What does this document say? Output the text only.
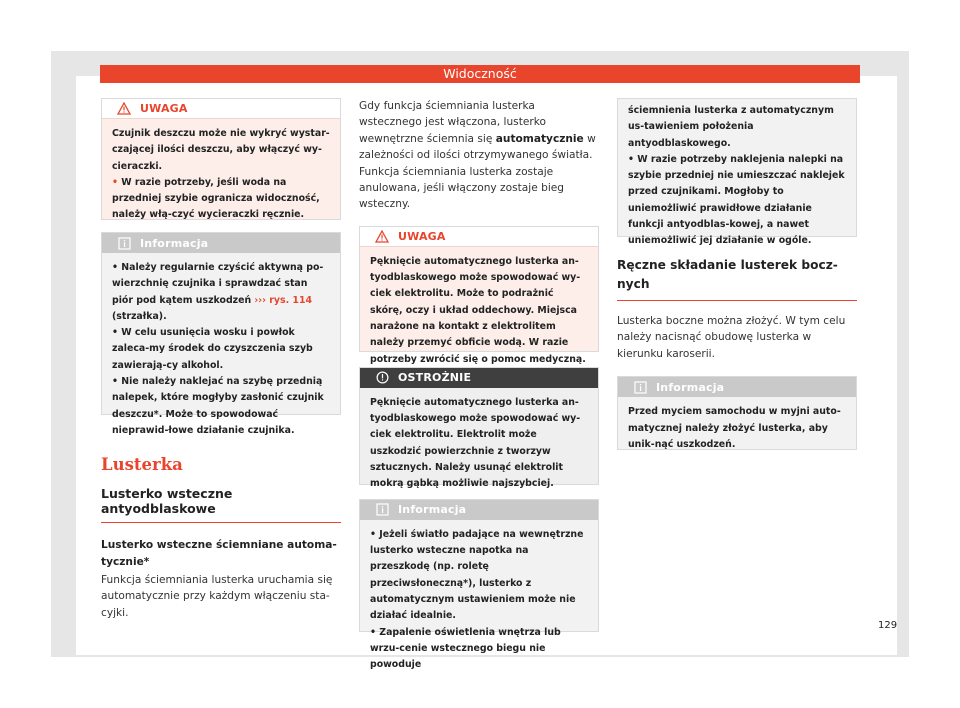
Widoczność
UWAGA

Czujnik deszczu może nie wykryć wystar-czającej ilości deszczu, aby włączyć wy-cieraczki.

• W razie potrzeby, jeśli woda na przedniej szybie ogranicza widoczność, należy włą-czyć wycieraczki ręcznie.

Informacja

• Należy regularnie czyścić aktywną po-wierzchnię czujnika i sprawdzać stan piór pod kątem uszkodzeń ››› rys. 114 (strzałka).

• W celu usunięcia wosku i powłok zaleca-my środek do czyszczenia szyb zawierają-cy alkohol.

• Nie należy naklejać na szybę przednią nalepek, które mogłyby zasłonić czujnik deszczu*. Może to spowodować nieprawid-łowe działanie czujnika.

Lusterka
Lusterko wsteczne antyodblaskowe
Lusterko wsteczne ściemniane automa-tycznie*

Funkcja ściemniania lusterka uruchamia się automatycznie przy każdym włączeniu sta-cyjki.

Gdy funkcja ściemniania lusterka wstecznego jest włączona, lusterko wewnętrzne ściemnia się automatycznie w zależności od ilości otrzymywanego światła. Funkcja ściemniania lusterka zostaje anulowana, jeśli włączony zostaje bieg wsteczny.

UWAGA

Pęknięcie automatycznego lusterka an-tyodblaskowego może spowodować wy-ciek elektrolitu. Może to podrażnić skórę, oczy i układ oddechowy. Miejsca narażone na kontakt z elektrolitem należy przemyć obficie wodą. W razie potrzeby zwrócić się o pomoc medyczną.

OSTROŻNIE

Pęknięcie automatycznego lusterka an-tyodblaskowego może spowodować wy-ciek elektrolitu. Elektrolit może uszkodzić powierzchnie z tworzyw sztucznych. Należy usunąć elektrolit mokrą gąbką możliwie najszybciej.

Informacja

• Jeżeli światło padające na wewnętrzne lusterko wsteczne napotka na przeszkodę (np. roletę przeciwsłoneczną*), lusterko z automatycznym ustawieniem może nie działać idealnie.

• Zapalenie oświetlenia wnętrza lub wrzu-cenie wstecznego biegu nie powoduje

ściemnienia lusterka z automatycznym us-tawieniem położenia antyodblaskowego.

• W razie potrzeby naklejenia nalepki na szybie przedniej nie umieszczać naklejek przed czujnikami. Mogłoby to uniemożliwić prawidłowe działanie funkcji antyodblas-kowej, a nawet uniemożliwić jej działanie w ogóle.

Ręczne składanie lusterek bocz-nych

Lusterka boczne można złożyć. W tym celu należy nacisnąć obudowę lusterka w kierunku karoserii.

Informacja

Przed myciem samochodu w myjni auto-matycznej należy złożyć lusterka, aby unik-nąć uszkodzeń.

129
